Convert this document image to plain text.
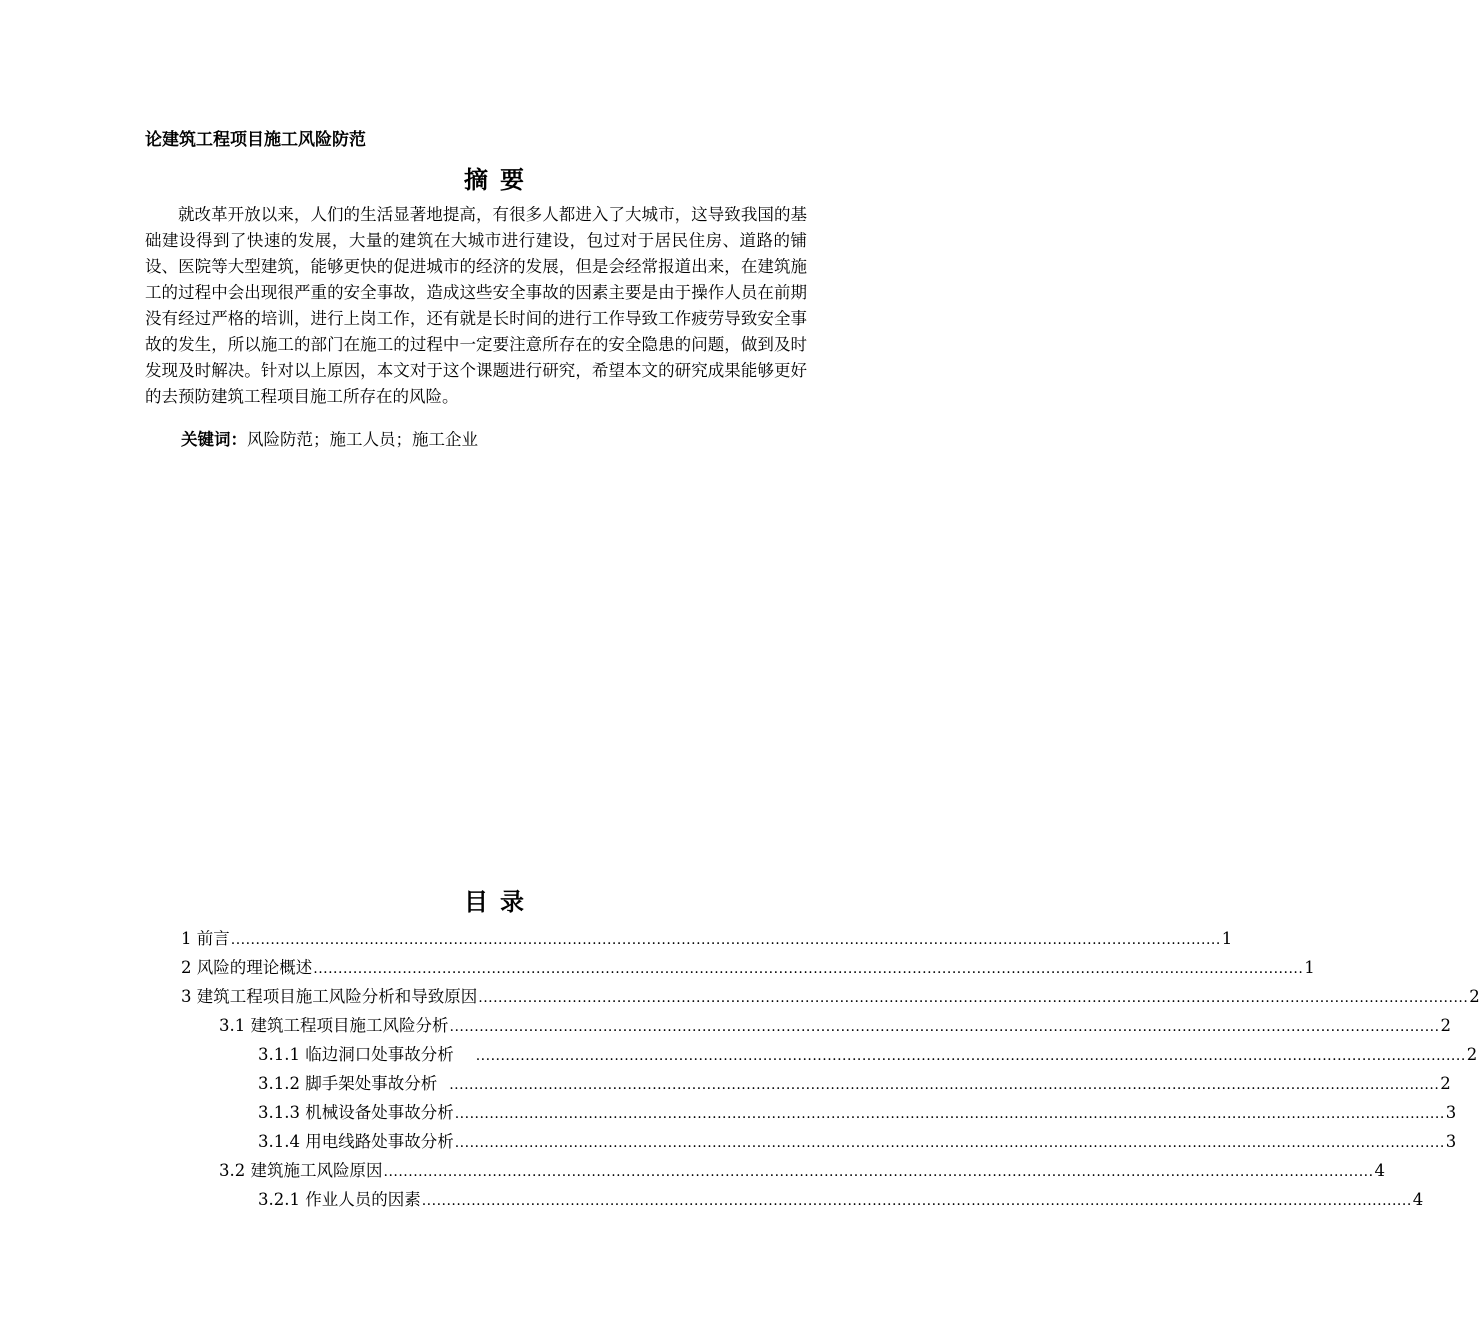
论建筑工程项目施工风险防范
摘要
就改革开放以来，人们的生活显著地提高，有很多人都进入了大城市，这导致我国的基础建设得到了快速的发展，大量的建筑在大城市进行建设，包过对于居民住房、道路的铺设、医院等大型建筑，能够更快的促进城市的经济的发展，但是会经常报道出来，在建筑施工的过程中会出现很严重的安全事故，造成这些安全事故的因素主要是由于操作人员在前期没有经过严格的培训，进行上岗工作，还有就是长时间的进行工作导致工作疲劳导致安全事故的发生，所以施工的部门在施工的过程中一定要注意所存在的安全隐患的问题，做到及时发现及时解决。针对以上原因，本文对于这个课题进行研究，希望本文的研究成果能够更好的去预防建筑工程项目施工所存在的风险。
关键词：风险防范；施工人员；施工企业
目录
1 前言 ........................................................................................................................................................................................................ 1
2 风险的理论概述 ........................................................................................................................................................................................................ 1
3 建筑工程项目施工风险分析和导致原因 ........................................................................................................................................................................................................ 2
3.1 建筑工程项目施工风险分析 ........................................................................................................................................................................................................ 2
3.1.1 临边洞口处事故分析 ........................................................................................................................................................................................................ 2
3.1.2 脚手架处事故分析 ........................................................................................................................................................................................................ 2
3.1.3 机械设备处事故分析 ........................................................................................................................................................................................................ 3
3.1.4 用电线路处事故分析 ........................................................................................................................................................................................................ 3
3.2 建筑施工风险原因 ........................................................................................................................................................................................................ 4
3.2.1 作业人员的因素 ........................................................................................................................................................................................................ 4
